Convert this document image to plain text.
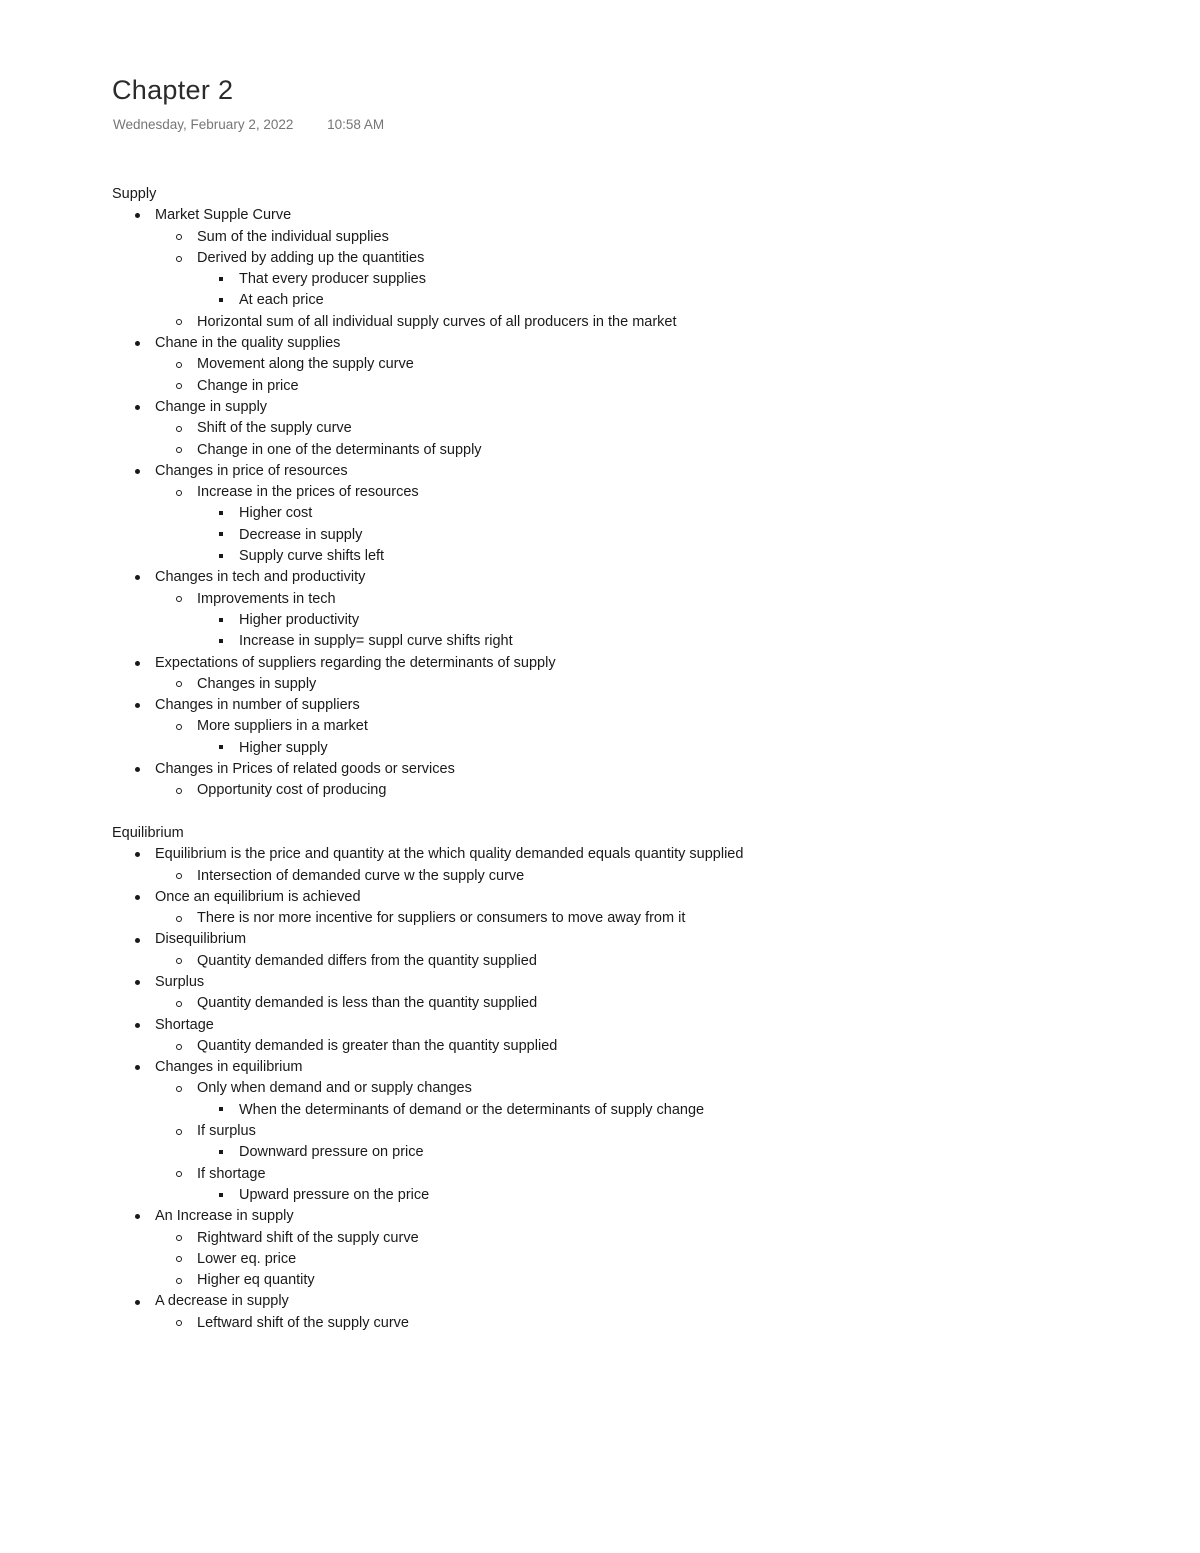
Chapter 2
Wednesday, February 2, 2022	10:58 AM
Supply
Market Supple Curve
Sum of the individual supplies
Derived by adding up the quantities
That every producer supplies
At each price
Horizontal sum of all individual supply curves of all producers in the market
Chane in the quality supplies
Movement along the supply curve
Change in price
Change in supply
Shift of the supply curve
Change in one of the determinants of supply
Changes in price of resources
Increase in the prices of resources
Higher cost
Decrease in supply
Supply curve shifts left
Changes in tech and productivity
Improvements in tech
Higher productivity
Increase in supply= suppl curve shifts right
Expectations of suppliers regarding the determinants of supply
Changes in supply
Changes in number of suppliers
More suppliers in a market
Higher supply
Changes in Prices of related goods or services
Opportunity cost of producing
Equilibrium
Equilibrium is the price and quantity at the which quality demanded equals quantity supplied
Intersection of demanded curve w the supply curve
Once an equilibrium is achieved
There is nor more incentive for suppliers or consumers to move away from it
Disequilibrium
Quantity demanded differs from the quantity supplied
Surplus
Quantity demanded is less than the quantity supplied
Shortage
Quantity demanded is greater than the quantity supplied
Changes in equilibrium
Only when demand and or supply changes
When the determinants of demand or the determinants of supply change
If surplus
Downward pressure on price
If shortage
Upward pressure on the price
An Increase in supply
Rightward shift of the supply curve
Lower eq. price
Higher eq quantity
A decrease in supply
Leftward shift of the supply curve
